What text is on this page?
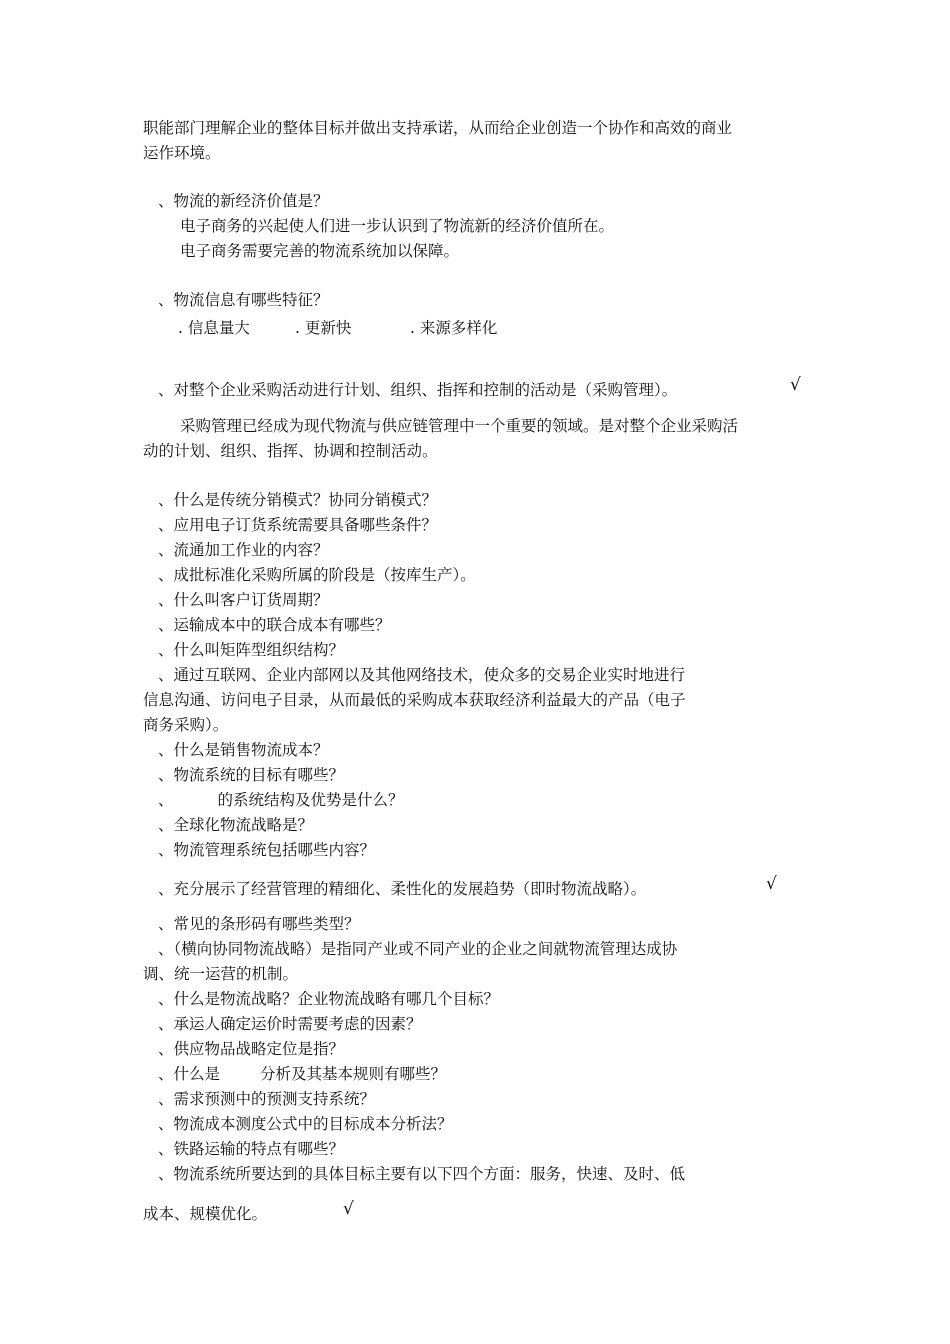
职能部门理解企业的整体目标并做出支持承诺，从而给企业创造一个协作和高效的商业
运作环境。
、物流的新经济价值是？
电子商务的兴起使人们进一步认识到了物流新的经济价值所在。
电子商务需要完善的物流系统加以保障。
、物流信息有哪些特征？
. 信息量大	. 更新快	. 来源多样化
、对整个企业采购活动进行计划、组织、指挥和控制的活动是（采购管理）。	√
采购管理已经成为现代物流与供应链管理中一个重要的领域。是对整个企业采购活
动的计划、组织、指挥、协调和控制活动。
、什么是传统分销模式？协同分销模式？
、应用电子订货系统需要具备哪些条件？
、流通加工作业的内容？
、成批标准化采购所属的阶段是（按库生产）。
、什么叫客户订货周期？
、运输成本中的联合成本有哪些？
、什么叫矩阵型组织结构？
、通过互联网、企业内部网以及其他网络技术，使众多的交易企业实时地进行
信息沟通、访问电子目录，从而最低的采购成本获取经济利益最大的产品（电子
商务采购）。
、什么是销售物流成本？
、物流系统的目标有哪些？
、	的系统结构及优势是什么？
、全球化物流战略是？
、物流管理系统包括哪些内容？
、充分展示了经营管理的精细化、柔性化的发展趋势（即时物流战略）。	√
、常见的条形码有哪些类型？
、（横向协同物流战略）是指同产业或不同产业的企业之间就物流管理达成协
调、统一运营的机制。
、什么是物流战略？企业物流战略有哪几个目标？
、承运人确定运价时需要考虑的因素？
、供应物品战略定位是指？
、什么是	分析及其基本规则有哪些？
、需求预测中的预测支持系统？
、物流成本测度公式中的目标成本分析法？
、铁路运输的特点有哪些？
、物流系统所要达到的具体目标主要有以下四个方面：服务，快速、及时、低
成本、规模优化。	√
